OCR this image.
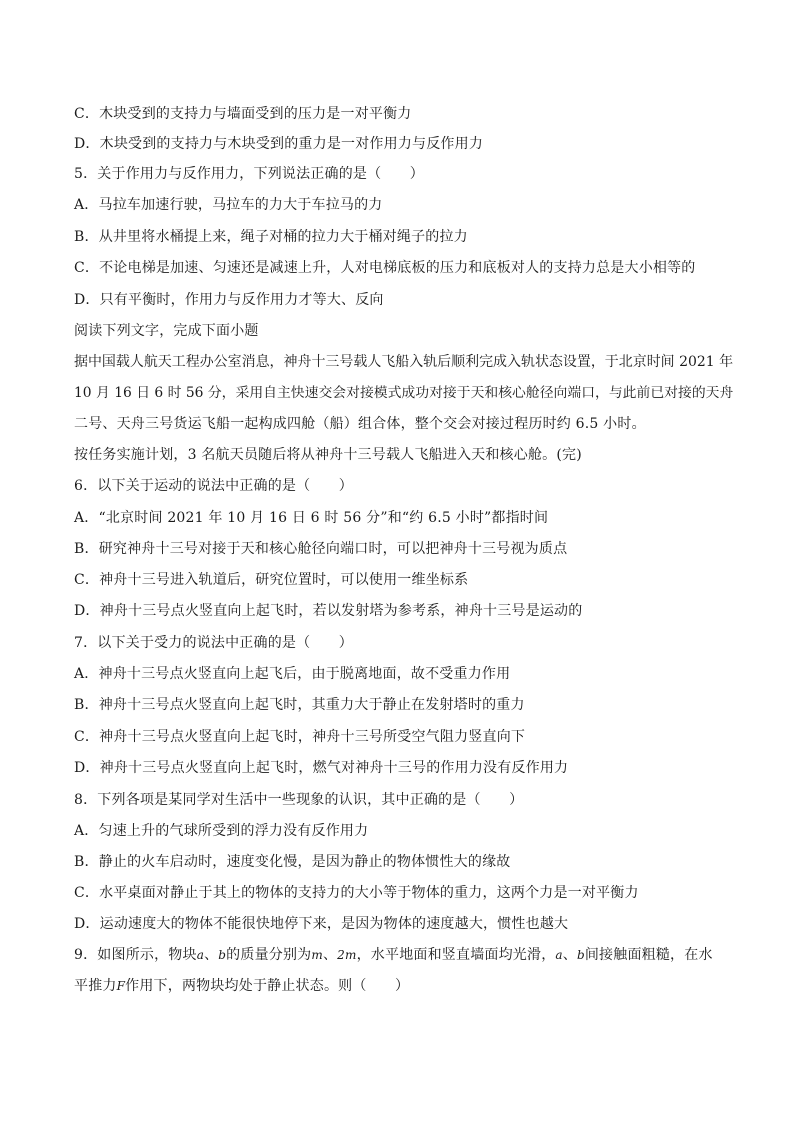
C．木块受到的支持力与墙面受到的压力是一对平衡力
D．木块受到的支持力与木块受到的重力是一对作用力与反作用力
5．关于作用力与反作用力，下列说法正确的是（　　）
A．马拉车加速行驶，马拉车的力大于车拉马的力
B．从井里将水桶提上来，绳子对桶的拉力大于桶对绳子的拉力
C．不论电梯是加速、匀速还是减速上升，人对电梯底板的压力和底板对人的支持力总是大小相等的
D．只有平衡时，作用力与反作用力才等大、反向
阅读下列文字，完成下面小题
据中国载人航天工程办公室消息，神舟十三号载人飞船入轨后顺利完成入轨状态设置，于北京时间 2021 年
10 月 16 日 6 时 56 分，采用自主快速交会对接模式成功对接于天和核心舱径向端口，与此前已对接的天舟
二号、天舟三号货运飞船一起构成四舱（船）组合体，整个交会对接过程历时约 6.5 小时。
按任务实施计划，3 名航天员随后将从神舟十三号载人飞船进入天和核心舱。(完)
6．以下关于运动的说法中正确的是（　　）
A．“北京时间 2021 年 10 月 16 日 6 时 56 分”和“约 6.5 小时”都指时间
B．研究神舟十三号对接于天和核心舱径向端口时，可以把神舟十三号视为质点
C．神舟十三号进入轨道后，研究位置时，可以使用一维坐标系
D．神舟十三号点火竖直向上起飞时，若以发射塔为参考系，神舟十三号是运动的
7．以下关于受力的说法中正确的是（　　）
A．神舟十三号点火竖直向上起飞后，由于脱离地面，故不受重力作用
B．神舟十三号点火竖直向上起飞时，其重力大于静止在发射塔时的重力
C．神舟十三号点火竖直向上起飞时，神舟十三号所受空气阻力竖直向下
D．神舟十三号点火竖直向上起飞时，燃气对神舟十三号的作用力没有反作用力
8．下列各项是某同学对生活中一些现象的认识，其中正确的是（　　）
A．匀速上升的气球所受到的浮力没有反作用力
B．静止的火车启动时，速度变化慢，是因为静止的物体惯性大的缘故
C．水平桌面对静止于其上的物体的支持力的大小等于物体的重力，这两个力是一对平衡力
D．运动速度大的物体不能很快地停下来，是因为物体的速度越大，惯性也越大
9．如图所示，物块a、b的质量分别为m、2m，水平地面和竖直墙面均光滑，a、b间接触面粗糙，在水
平推力F作用下，两物块均处于静止状态。则（　　）
